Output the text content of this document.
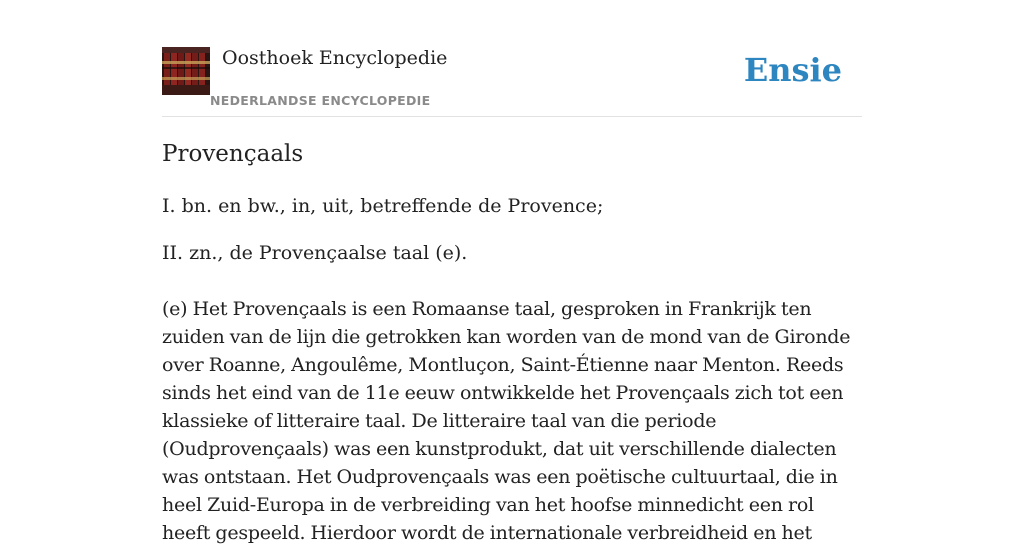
Oosthoek Encyclopedie
NEDERLANDSE ENCYCLOPEDIE
Ensie
Provençaals

I. bn. en bw., in, uit, betreffende de Provence;

II. zn., de Provençaalse taal (e).

(e) Het Provençaals is een Romaanse taal, gesproken in Frankrijk ten zuiden van de lijn die getrokken kan worden van de mond van de Gironde over Roanne, Angoulême, Montluçon, Saint-Étienne naar Menton. Reeds sinds het eind van de 11e eeuw ontwikkelde het Provençaals zich tot een klassieke of litteraire taal. De litteraire taal van die periode (Oudprovençaals) was een kunstprodukt, dat uit verschillende dialecten was ontstaan. Het Oudprovençaals was een poëtische cultuurtaal, die in heel Zuid-Europa in de verbreiding van het hoofse minnedicht een rol heeft gespeeld. Hierdoor wordt de internationale verbreidheid en het
